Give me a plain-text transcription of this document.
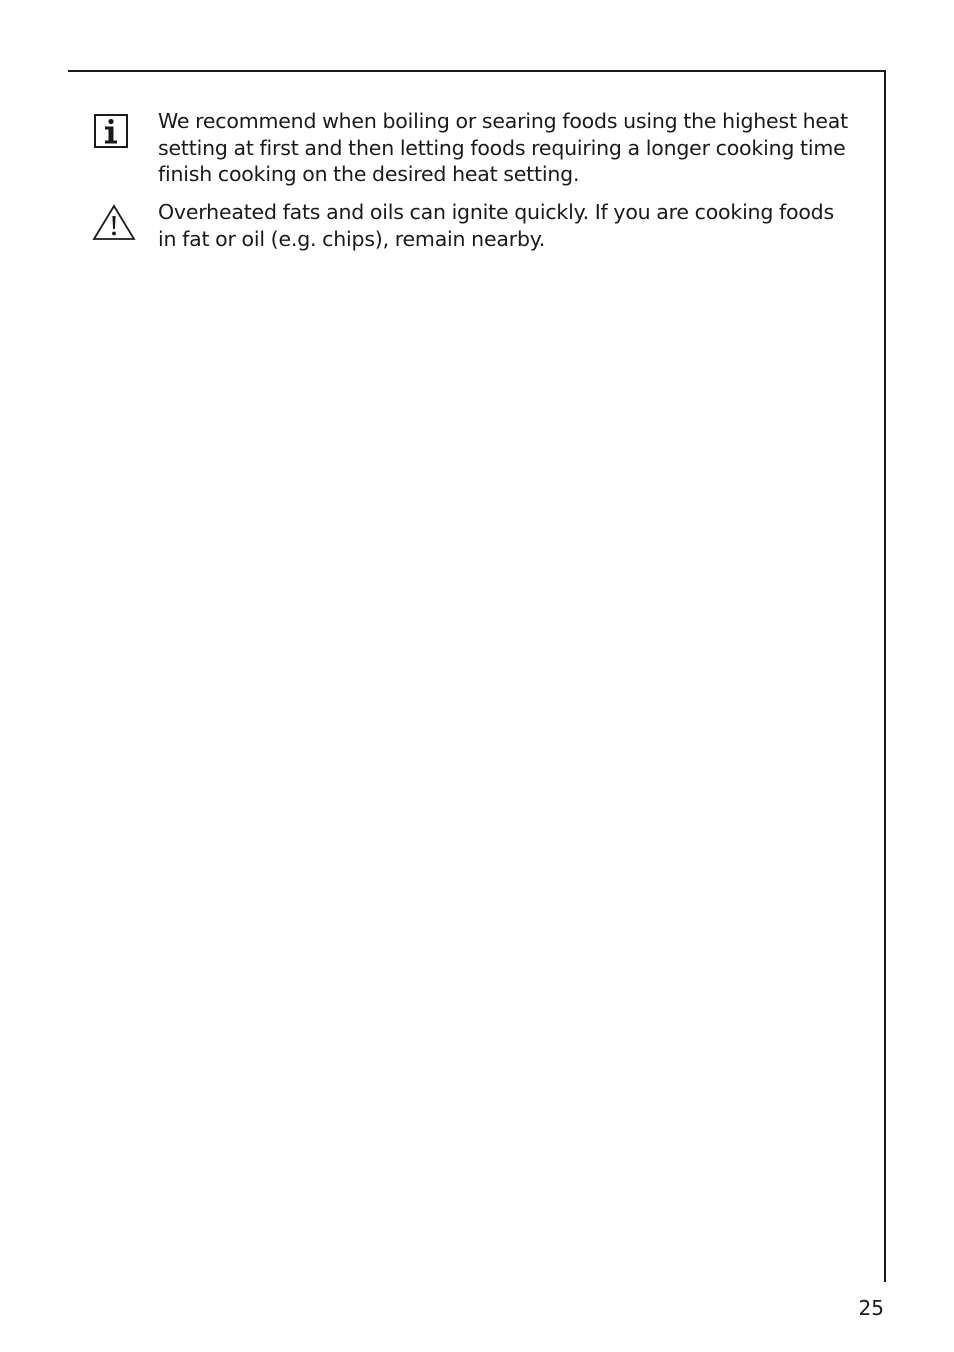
We recommend when boiling or searing foods using the highest heat setting at first and then letting foods requiring a longer cooking time finish cooking on the desired heat setting.

Overheated fats and oils can ignite quickly. If you are cooking foods in fat or oil (e.g. chips), remain nearby.

25
